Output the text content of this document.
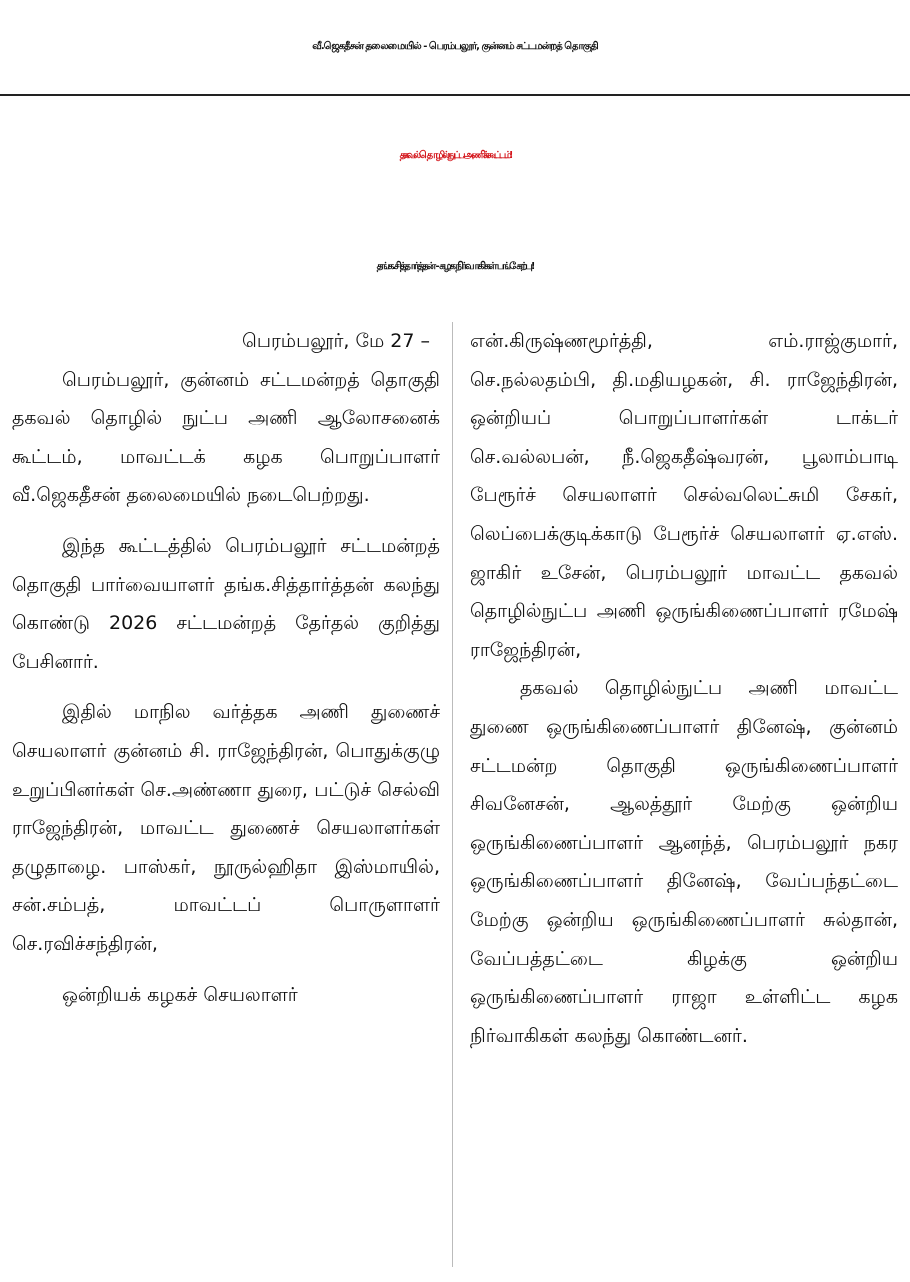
வீ.ஜெகதீசன் தலைமையில் - பெரம்பலூர், குன்னம் சட்டமன்றத் தொகுதி
தகவல் தொழில்நுட்ப அணிக் கூட்டம்!
தங்க.சித்தார்த்தன் - கழக நிர்வாகிகள் பங்கேற்பு!

பெரம்பலூர், மே 27 –

பெரம்பலூர், குன்னம் சட்டமன்றத் தொகுதி தகவல் தொழில் நுட்ப அணி ஆலோசனைக் கூட்டம், மாவட்டக் கழக பொறுப்பாளர் வீ.ஜெகதீசன் தலைமையில் நடைபெற்றது.

இந்த கூட்டத்தில் பெரம்பலூர் சட்டமன்றத் தொகுதி பார்வையாளர் தங்க.சித்தார்த்தன் கலந்து கொண்டு 2026 சட்டமன்றத் தேர்தல் குறித்து பேசினார்.

இதில் மாநில வர்த்தக அணி துணைச் செயலாளர் குன்னம் சி. ராஜேந்திரன், பொதுக்குழு உறுப்பினர்கள் செ.அண்ணா துரை, பட்டுச் செல்வி ராஜேந்திரன், மாவட்ட துணைச் செயலாளர்கள் தழுதாழை. பாஸ்கர், நூருல்ஹிதா இஸ்மாயில், சன்.சம்பத், மாவட்டப் பொருளாளர் செ.ரவிச்சந்திரன்,

ஒன்றியக் கழகச் செயலாளர்

என்.கிருஷ்ணமூர்த்தி, எம்.ராஜ்குமார், செ.நல்லதம்பி, தி.மதியழகன், சி. ராஜேந்திரன், ஒன்றியப் பொறுப்பாளர்கள் டாக்டர் செ.வல்லபன், நீ.ஜெகதீஷ்வரன், பூலாம்பாடி பேரூர்ச் செயலாளர் செல்வலெட்சுமி சேகர், லெப்பைக்குடிக்காடு பேரூர்ச் செயலாளர் ஏ.எஸ். ஜாகிர் உசேன், பெரம்பலூர் மாவட்ட தகவல் தொழில்நுட்ப அணி ஒருங்கிணைப்பாளர் ரமேஷ் ராஜேந்திரன்,

தகவல் தொழில்நுட்ப அணி மாவட்ட துணை ஒருங்கிணைப்பாளர் தினேஷ், குன்னம் சட்டமன்ற தொகுதி ஒருங்கிணைப்பாளர் சிவனேசன், ஆலத்தூர் மேற்கு ஒன்றிய ஒருங்கிணைப்பாளர் ஆனந்த், பெரம்பலூர் நகர ஒருங்கிணைப்பாளர் தினேஷ், வேப்பந்தட்டை மேற்கு ஒன்றிய ஒருங்கிணைப்பாளர் சுல்தான், வேப்பத்தட்டை கிழக்கு ஒன்றிய ஒருங்கிணைப்பாளர் ராஜா உள்ளிட்ட கழக நிர்வாகிகள் கலந்து கொண்டனர்.
